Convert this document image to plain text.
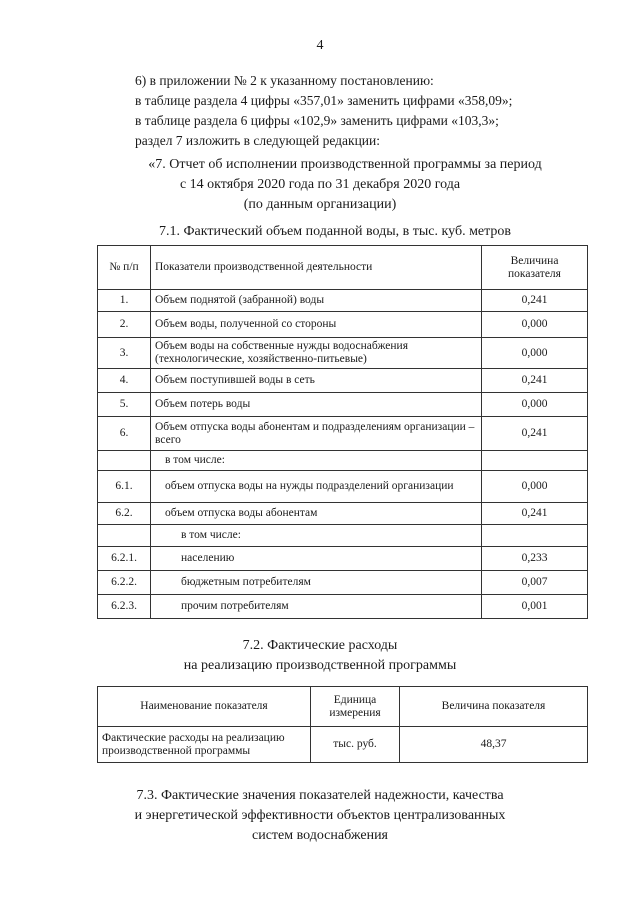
4
6) в приложении № 2 к указанному постановлению:
в таблице раздела 4 цифры «357,01» заменить цифрами «358,09»;
в таблице раздела 6 цифры «102,9» заменить цифрами «103,3»;
раздел 7 изложить в следующей редакции:
«7. Отчет об исполнении производственной программы за период
с 14 октября 2020 года по 31 декабря 2020 года
(по данным организации)
7.1. Фактический объем поданной воды, в тыс. куб. метров
№ п/п	Показатели производственной деятельности	Величина показателя
1.	Объем поднятой (забранной) воды	0,241
2.	Объем воды, полученной со стороны	0,000
3.	Объем воды на собственные нужды водоснабжения (технологические, хозяйственно-питьевые)	0,000
4.	Объем поступившей воды в сеть	0,241
5.	Объем потерь воды	0,000
6.	Объем отпуска воды абонентам и подразделениям организации – всего	0,241
	в том числе:	
6.1.	объем отпуска воды на нужды подразделений организации	0,000
6.2.	объем отпуска воды абонентам	0,241
	в том числе:	
6.2.1.	населению	0,233
6.2.2.	бюджетным потребителям	0,007
6.2.3.	прочим потребителям	0,001
7.2. Фактические расходы
на реализацию производственной программы
Наименование показателя	Единица измерения	Величина показателя
Фактические расходы на реализацию производственной программы	тыс. руб.	48,37
7.3. Фактические значения показателей надежности, качества
и энергетической эффективности объектов централизованных
систем водоснабжения
